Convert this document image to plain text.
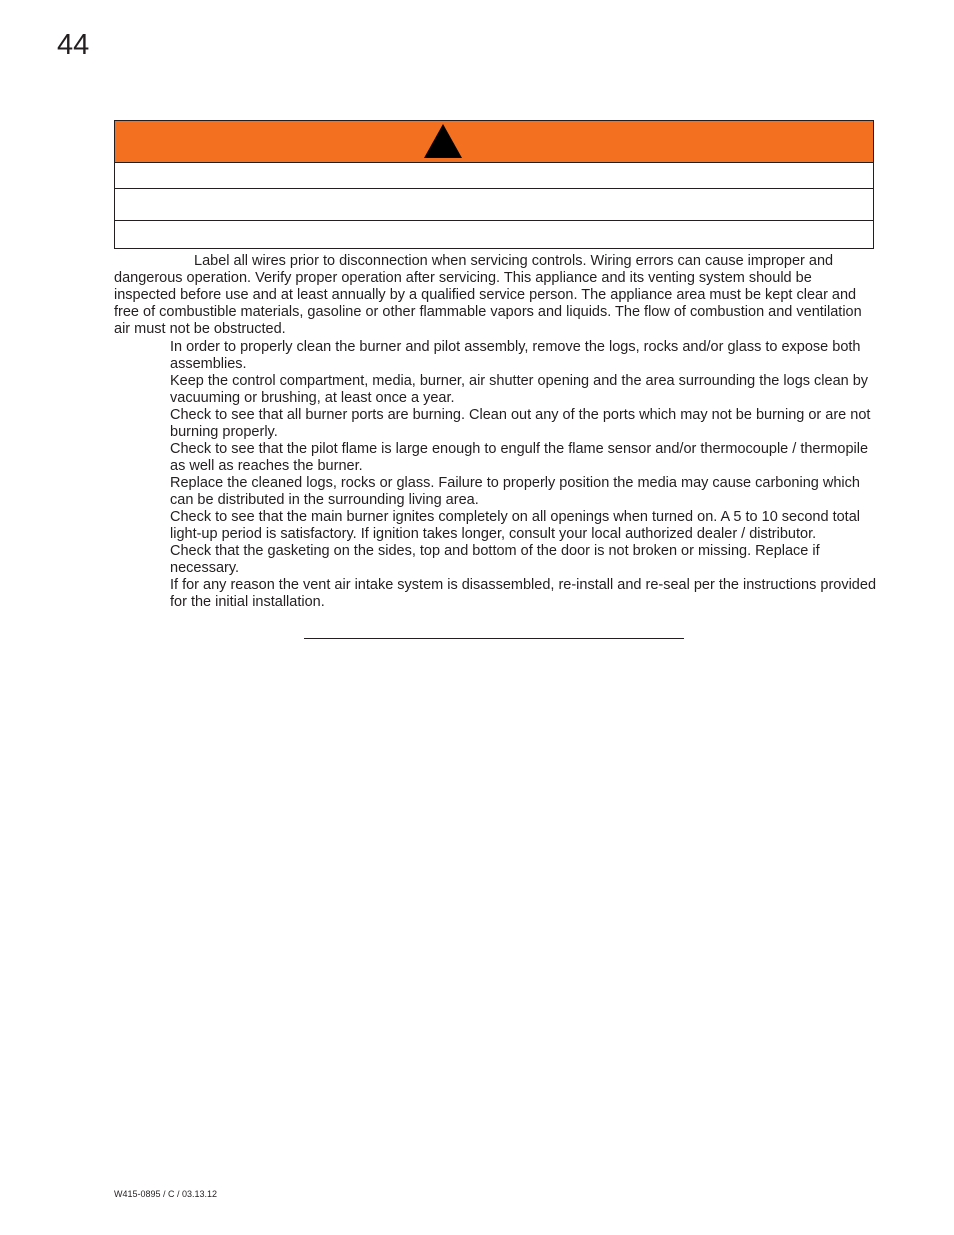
44
Label all wires prior to disconnection when servicing controls. Wiring errors can cause improper and dangerous operation. Verify proper operation after servicing. This appliance and its venting system should be inspected before use and at least annually by a qualified service person. The appliance area must be kept clear and free of combustible materials, gasoline or other flammable vapors and liquids. The flow of combustion and ventilation air must not be obstructed.
In order to properly clean the burner and pilot assembly, remove the logs, rocks and/or glass to expose both assemblies.
Keep the control compartment, media, burner, air shutter opening and the area surrounding the logs clean by vacuuming or brushing, at least once a year.
Check to see that all burner ports are burning. Clean out any of the ports which may not be burning or are not burning properly.
Check to see that the pilot flame is large enough to engulf the flame sensor and/or thermocouple / thermopile as well as reaches the burner.
Replace the cleaned logs, rocks or glass. Failure to properly position the media may cause carboning which can be distributed in the surrounding living area.
Check to see that the main burner ignites completely on all openings when turned on. A 5 to 10 second total light-up period is satisfactory. If ignition takes longer, consult your local authorized dealer / distributor.
Check that the gasketing on the sides, top and bottom of the door is not broken or missing. Replace if necessary.
If for any reason the vent air intake system is disassembled, re-install and re-seal per the instructions provided for the initial installation.
W415-0895 / C / 03.13.12
